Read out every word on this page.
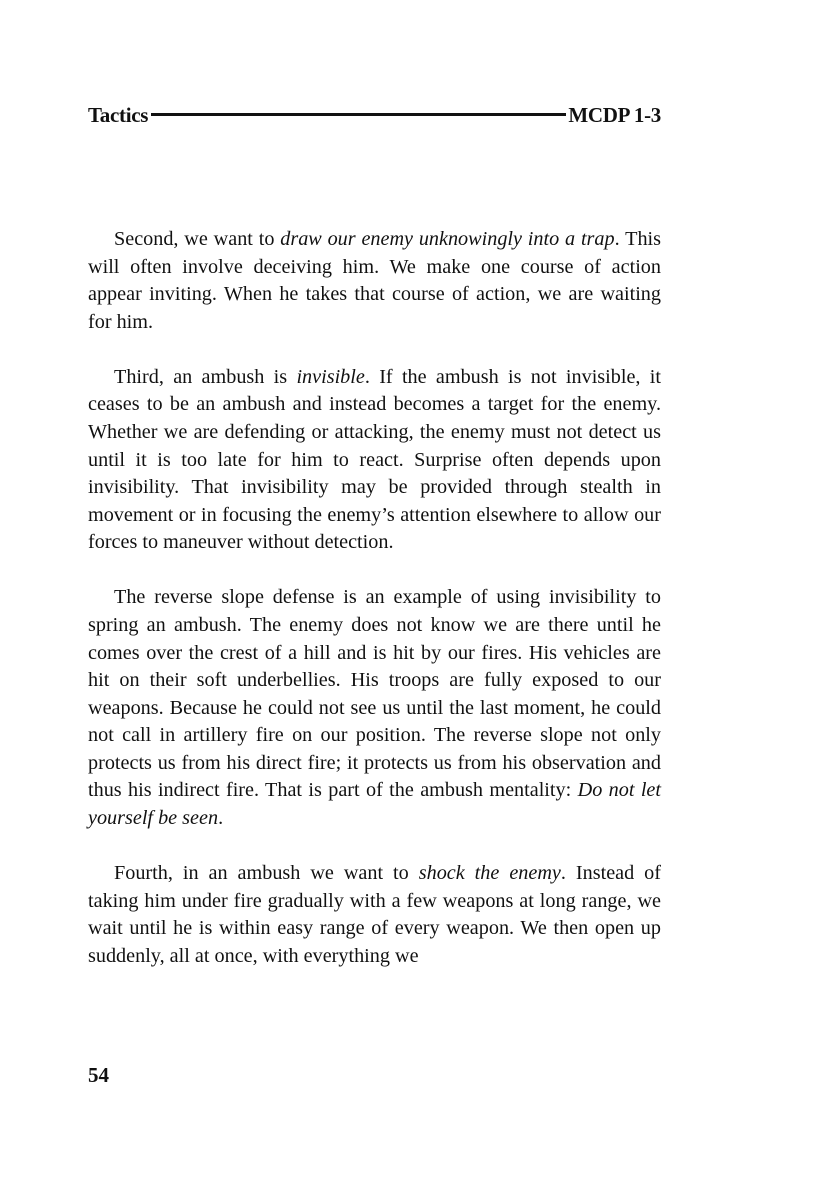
Tactics	MCDP 1-3

Second, we want to draw our enemy unknowingly into a trap. This will often involve deceiving him. We make one course of action appear inviting. When he takes that course of action, we are waiting for him.

Third, an ambush is invisible. If the ambush is not invisible, it ceases to be an ambush and instead becomes a target for the enemy. Whether we are defending or attacking, the enemy must not detect us until it is too late for him to react. Surprise often depends upon invisibility. That invisibility may be provided through stealth in movement or in focusing the enemy’s attention elsewhere to allow our forces to maneuver without detection.

The reverse slope defense is an example of using invisibility to spring an ambush. The enemy does not know we are there until he comes over the crest of a hill and is hit by our fires. His vehicles are hit on their soft underbellies. His troops are fully exposed to our weapons. Because he could not see us until the last moment, he could not call in artillery fire on our position. The reverse slope not only protects us from his direct fire; it protects us from his observation and thus his indirect fire. That is part of the ambush mentality: Do not let yourself be seen.

Fourth, in an ambush we want to shock the enemy. Instead of taking him under fire gradually with a few weapons at long range, we wait until he is within easy range of every weapon. We then open up suddenly, all at once, with everything we

54
